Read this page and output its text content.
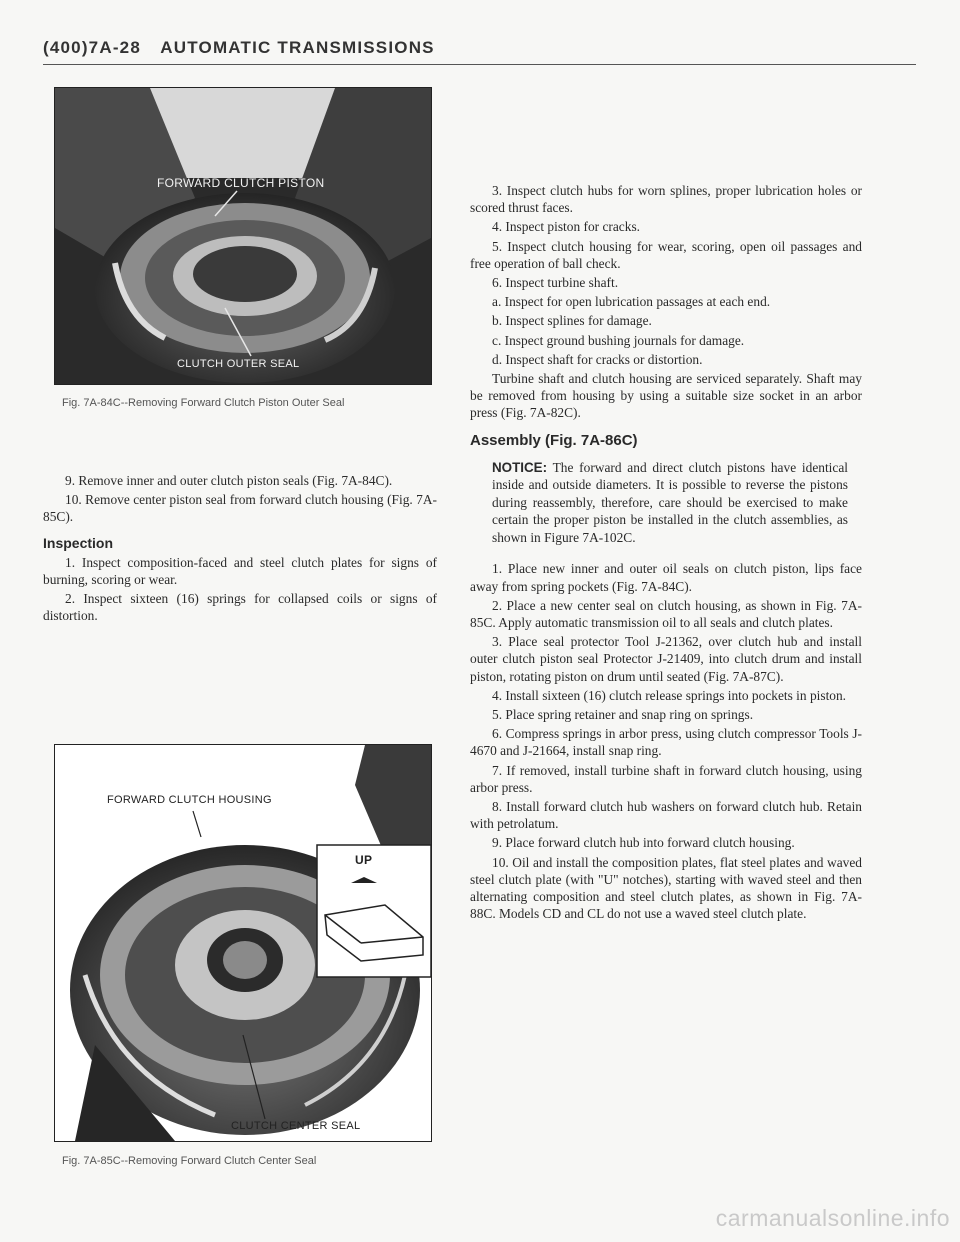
(400)7A-28 AUTOMATIC TRANSMISSIONS
FORWARD CLUTCH PISTON
CLUTCH OUTER SEAL
Fig. 7A-84C--Removing Forward Clutch Piston Outer Seal
FORWARD CLUTCH HOUSING
UP
CLUTCH CENTER SEAL
Fig. 7A-85C--Removing Forward Clutch Center Seal

9. Remove inner and outer clutch piston seals (Fig. 7A-84C).

10. Remove center piston seal from forward clutch housing (Fig. 7A-85C).

Inspection

1. Inspect composition-faced and steel clutch plates for signs of burning, scoring or wear.

2. Inspect sixteen (16) springs for collapsed coils or signs of distortion.

3. Inspect clutch hubs for worn splines, proper lubrication holes or scored thrust faces.

4. Inspect piston for cracks.

5. Inspect clutch housing for wear, scoring, open oil passages and free operation of ball check.

6. Inspect turbine shaft.

a. Inspect for open lubrication passages at each end.

b. Inspect splines for damage.

c. Inspect ground bushing journals for damage.

d. Inspect shaft for cracks or distortion.

Turbine shaft and clutch housing are serviced separately. Shaft may be removed from housing by using a suitable size socket in an arbor press (Fig. 7A-82C).

Assembly (Fig. 7A-86C)
NOTICE: The forward and direct clutch pistons have identical inside and outside diameters. It is possible to reverse the pistons during reassembly, therefore, care should be exercised to make certain the proper piston be installed in the clutch assemblies, as shown in Figure 7A-102C.

1. Place new inner and outer oil seals on clutch piston, lips face away from spring pockets (Fig. 7A-84C).

2. Place a new center seal on clutch housing, as shown in Fig. 7A-85C. Apply automatic transmission oil to all seals and clutch plates.

3. Place seal protector Tool J-21362, over clutch hub and install outer clutch piston seal Protector J-21409, into clutch drum and install piston, rotating piston on drum until seated (Fig. 7A-87C).

4. Install sixteen (16) clutch release springs into pockets in piston.

5. Place spring retainer and snap ring on springs.

6. Compress springs in arbor press, using clutch compressor Tools J-4670 and J-21664, install snap ring.

7. If removed, install turbine shaft in forward clutch housing, using arbor press.

8. Install forward clutch hub washers on forward clutch hub. Retain with petrolatum.

9. Place forward clutch hub into forward clutch housing.

10. Oil and install the composition plates, flat steel plates and waved steel clutch plate (with "U" notches), starting with waved steel and then alternating composition and steel clutch plates, as shown in Fig. 7A-88C. Models CD and CL do not use a waved steel clutch plate.

carmanualsonline.info
